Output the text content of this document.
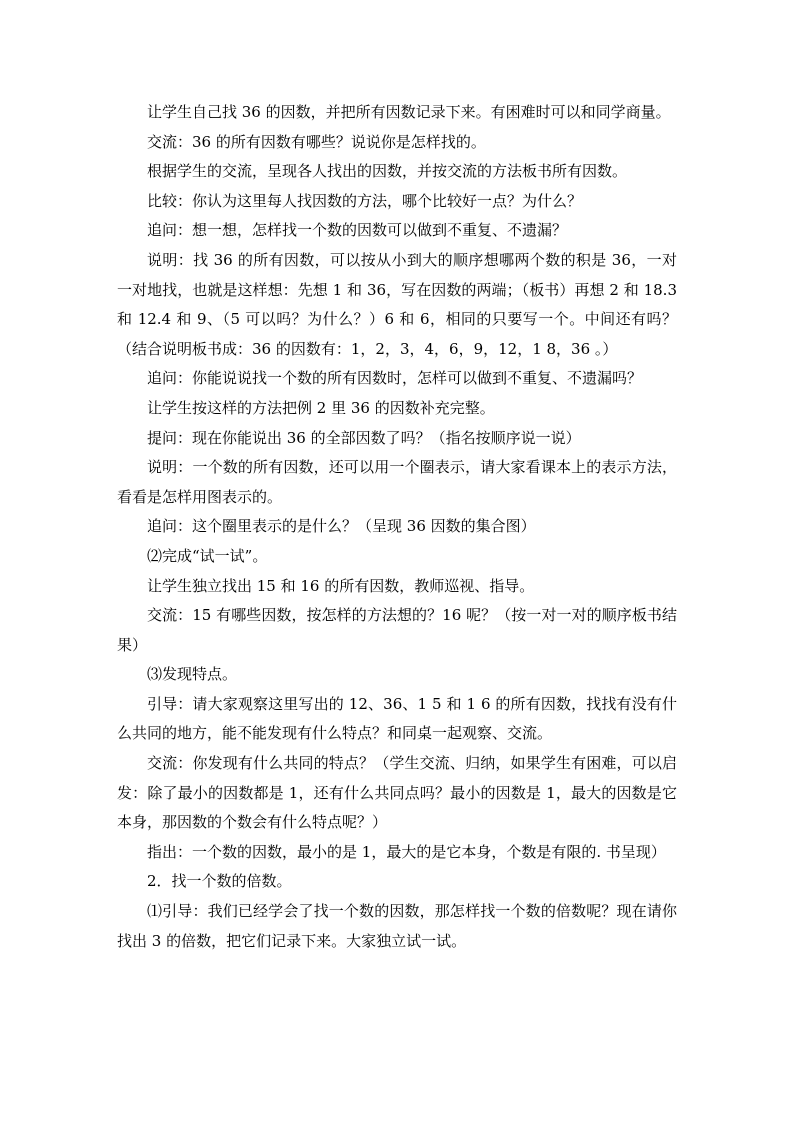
让学生自己找 36 的因数，并把所有因数记录下来。有困难时可以和同学商量。

交流：36 的所有因数有哪些？说说你是怎样找的。

根据学生的交流，呈现各人找出的因数，并按交流的方法板书所有因数。

比较：你认为这里每人找因数的方法，哪个比较好一点？为什么？

追问：想一想，怎样找一个数的因数可以做到不重复、不遗漏？

说明：找 36 的所有因数，可以按从小到大的顺序想哪两个数的积是 36，一对一对地找，也就是这样想：先想 1 和 36，写在因数的两端；（板书）再想 2 和 18.3 和 12.4 和 9、（5 可以吗？为什么？）6 和 6，相同的只要写一个。中间还有吗？（结合说明板书成：36 的因数有：1，2，3，4，6，9，12，1 8，36 。）

追问：你能说说找一个数的所有因数时，怎样可以做到不重复、不遗漏吗？

让学生按这样的方法把例 2 里 36 的因数补充完整。

提问：现在你能说出 36 的全部因数了吗？（指名按顺序说一说）

说明：一个数的所有因数，还可以用一个圈表示，请大家看课本上的表示方法，看看是怎样用图表示的。

追问：这个圈里表示的是什么？（呈现 36 因数的集合图）

⑵完成“试一试”。

让学生独立找出 15 和 16 的所有因数，教师巡视、指导。

交流：15 有哪些因数，按怎样的方法想的？16 呢？（按一对一对的顺序板书结果）

⑶发现特点。

引导：请大家观察这里写出的 12、36、1 5 和 1 6 的所有因数，找找有没有什么共同的地方，能不能发现有什么特点？和同桌一起观察、交流。

交流：你发现有什么共同的特点？（学生交流、归纳，如果学生有困难，可以启发：除了最小的因数都是 1，还有什么共同点吗？最小的因数是 1，最大的因数是它本身，那因数的个数会有什么特点呢？）

指出：一个数的因数，最小的是 1，最大的是它本身，个数是有限的. 书呈现）

2．找一个数的倍数。

⑴引导：我们已经学会了找一个数的因数，那怎样找一个数的倍数呢？现在请你找出 3 的倍数，把它们记录下来。大家独立试一试。
